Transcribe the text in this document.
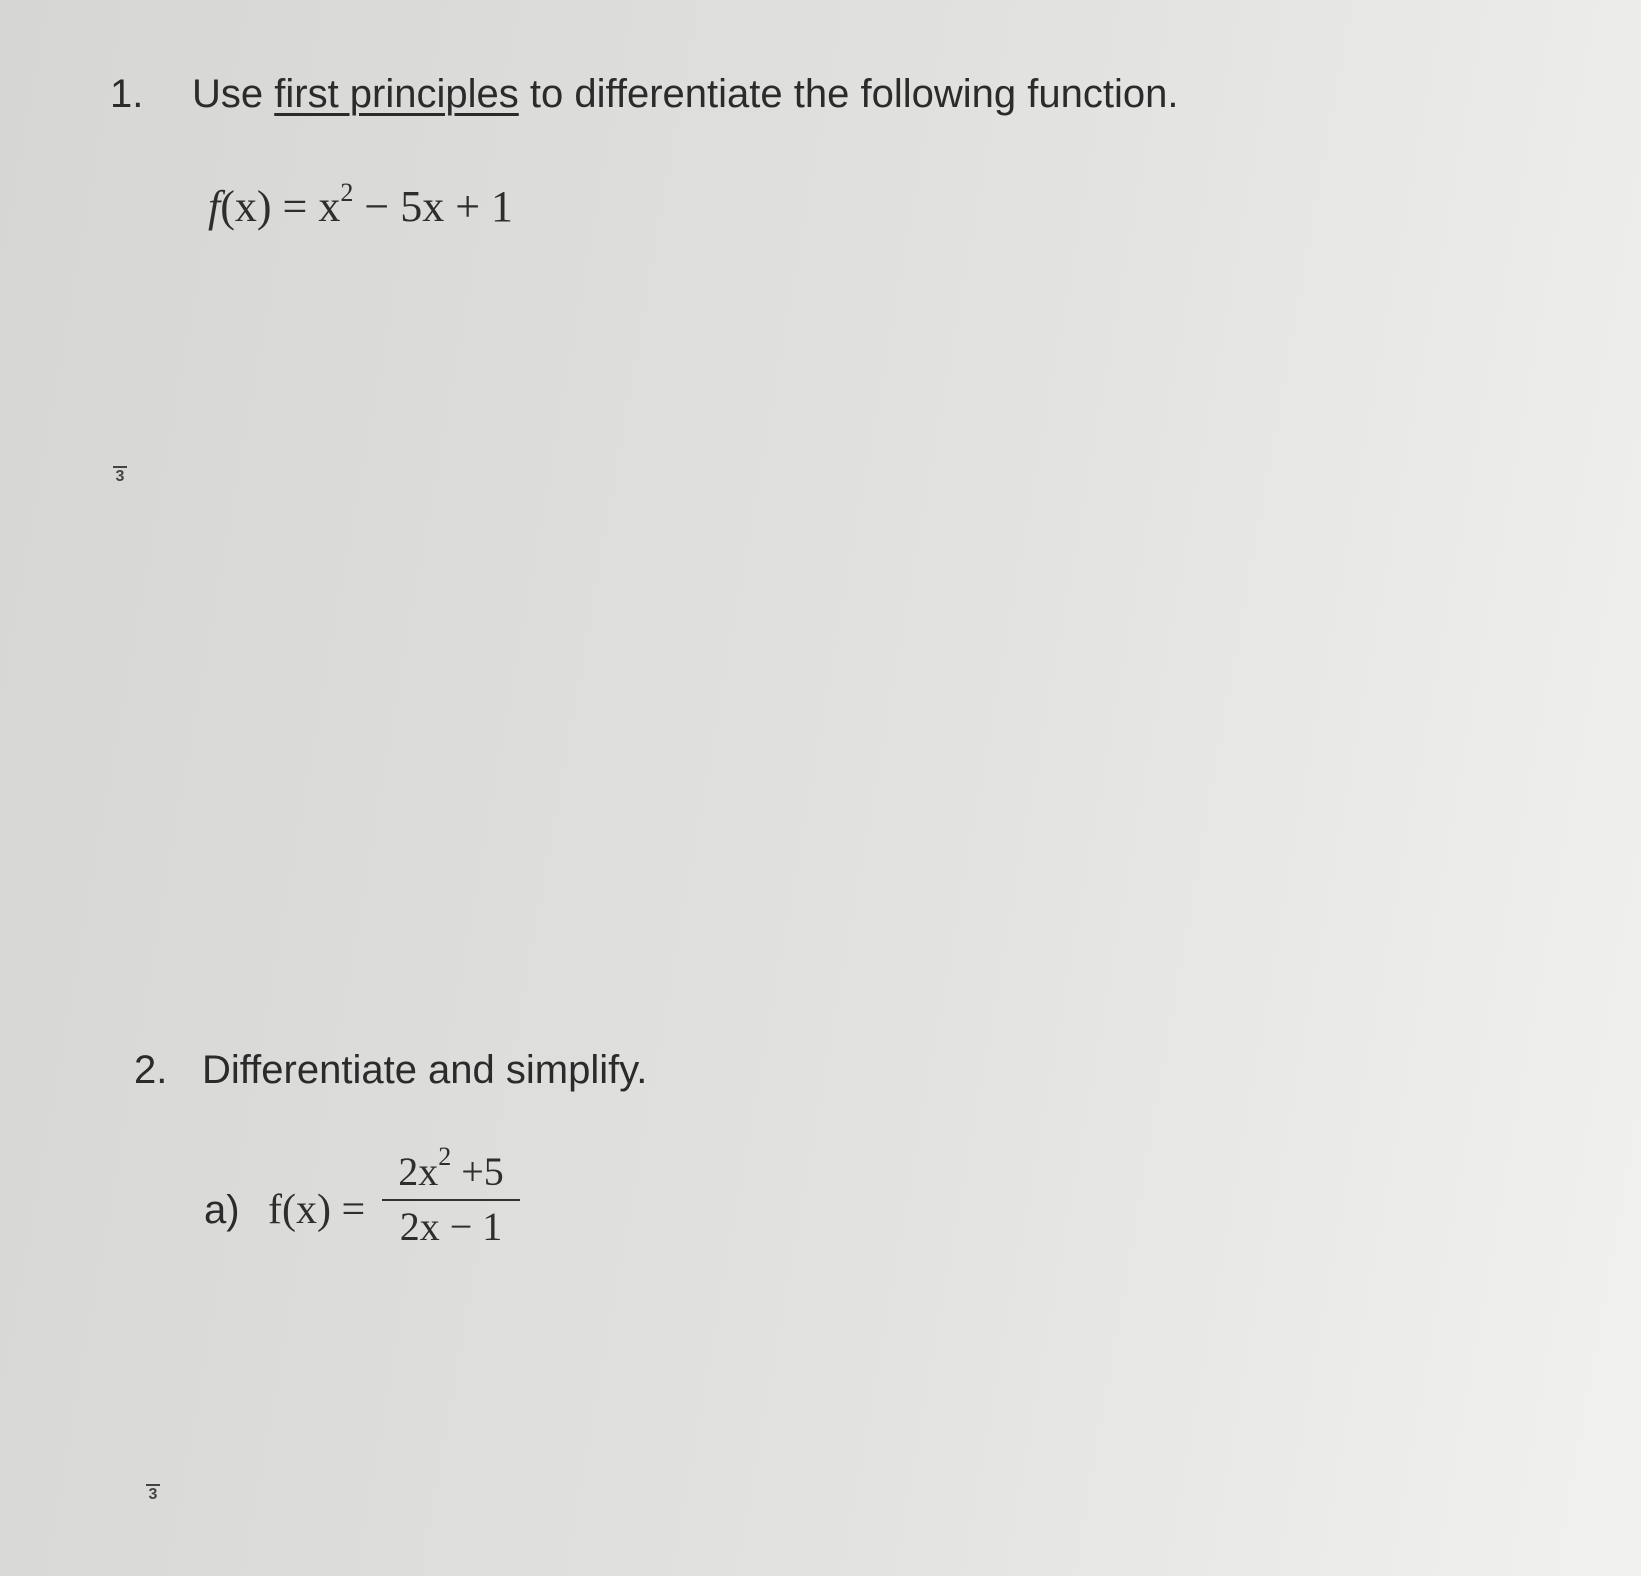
1. Use first principles to differentiate the following function.
$f(x) = x^2 - 5x + 1$
3
2. Differentiate and simplify.
a) f(x) =
$2x^2 +5$
2x − 1
3
